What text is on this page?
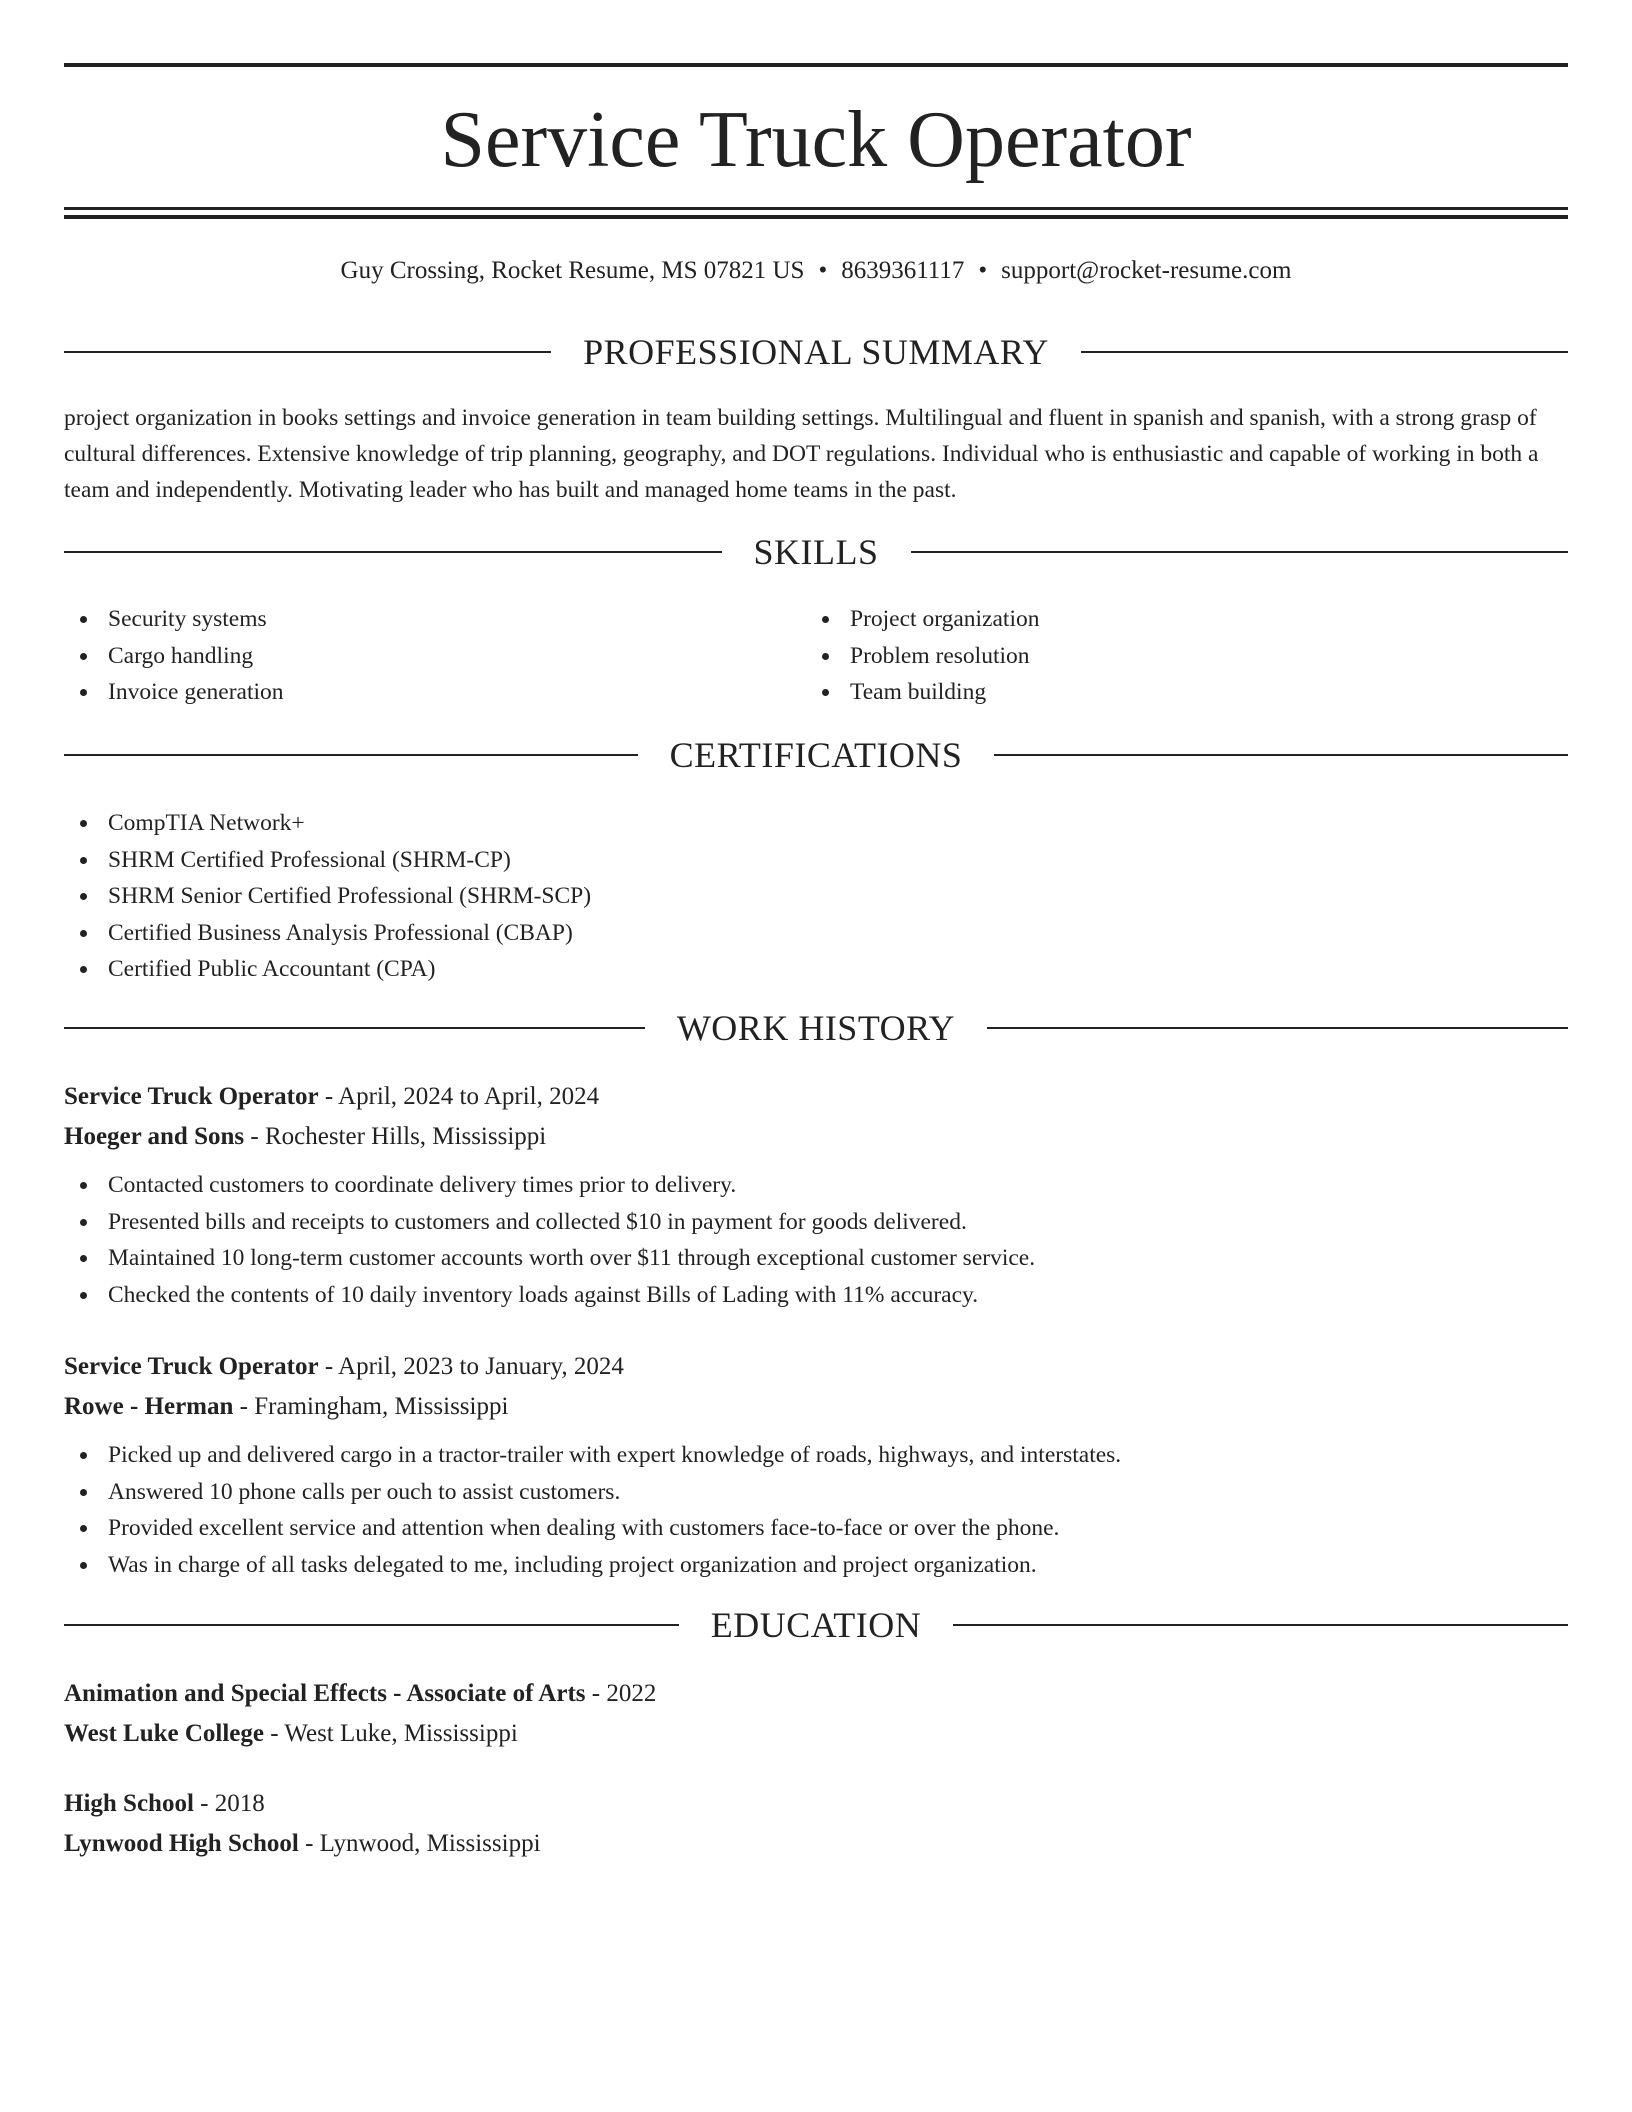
Service Truck Operator
Guy Crossing, Rocket Resume, MS 07821 US • 8639361117 • support@rocket-resume.com
PROFESSIONAL SUMMARY

project organization in books settings and invoice generation in team building settings. Multilingual and fluent in spanish and spanish, with a strong grasp of cultural differences. Extensive knowledge of trip planning, geography, and DOT regulations. Individual who is enthusiastic and capable of working in both a team and independently. Motivating leader who has built and managed home teams in the past.

SKILLS
Security systems
Cargo handling
Invoice generation
Project organization
Problem resolution
Team building
CERTIFICATIONS
CompTIA Network+
SHRM Certified Professional (SHRM-CP)
SHRM Senior Certified Professional (SHRM-SCP)
Certified Business Analysis Professional (CBAP)
Certified Public Accountant (CPA)
WORK HISTORY
Service Truck Operator - April, 2024 to April, 2024
Hoeger and Sons - Rochester Hills, Mississippi
Contacted customers to coordinate delivery times prior to delivery.
Presented bills and receipts to customers and collected $10 in payment for goods delivered.
Maintained 10 long-term customer accounts worth over $11 through exceptional customer service.
Checked the contents of 10 daily inventory loads against Bills of Lading with 11% accuracy.
Service Truck Operator - April, 2023 to January, 2024
Rowe - Herman - Framingham, Mississippi
Picked up and delivered cargo in a tractor-trailer with expert knowledge of roads, highways, and interstates.
Answered 10 phone calls per ouch to assist customers.
Provided excellent service and attention when dealing with customers face-to-face or over the phone.
Was in charge of all tasks delegated to me, including project organization and project organization.
EDUCATION
Animation and Special Effects - Associate of Arts - 2022
West Luke College - West Luke, Mississippi
High School - 2018
Lynwood High School - Lynwood, Mississippi
